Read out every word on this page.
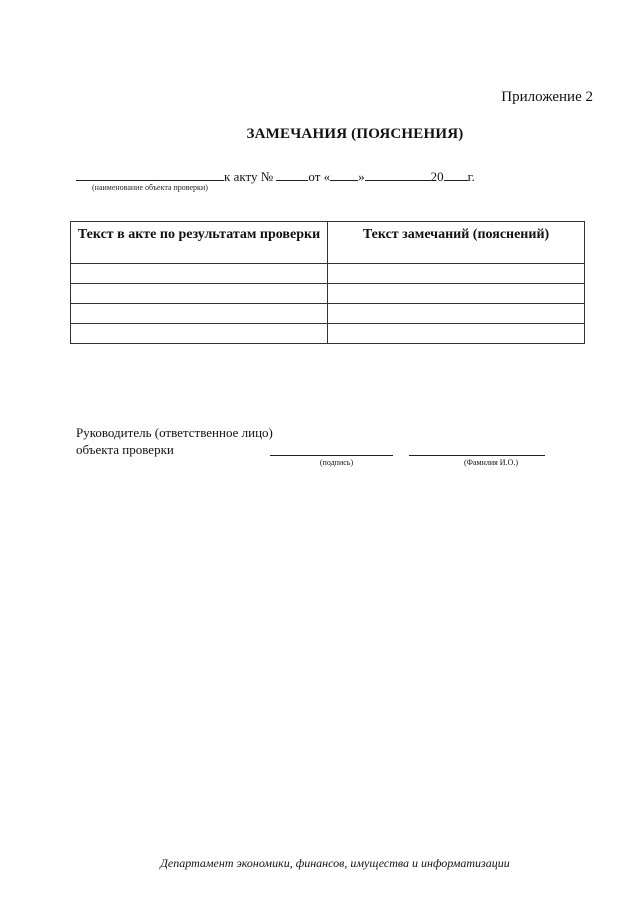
Приложение 2
ЗАМЕЧАНИЯ (ПОЯСНЕНИЯ)
к акту №	от « »	20 г.
(наименование объекта проверки)
Текст в акте по результатам проверки	Текст замечаний (пояснений)

Руководитель (ответственное лицо)
объекта проверки
(подпись)	(Фамилия И.О.)
Департамент экономики, финансов, имущества и информатизации
